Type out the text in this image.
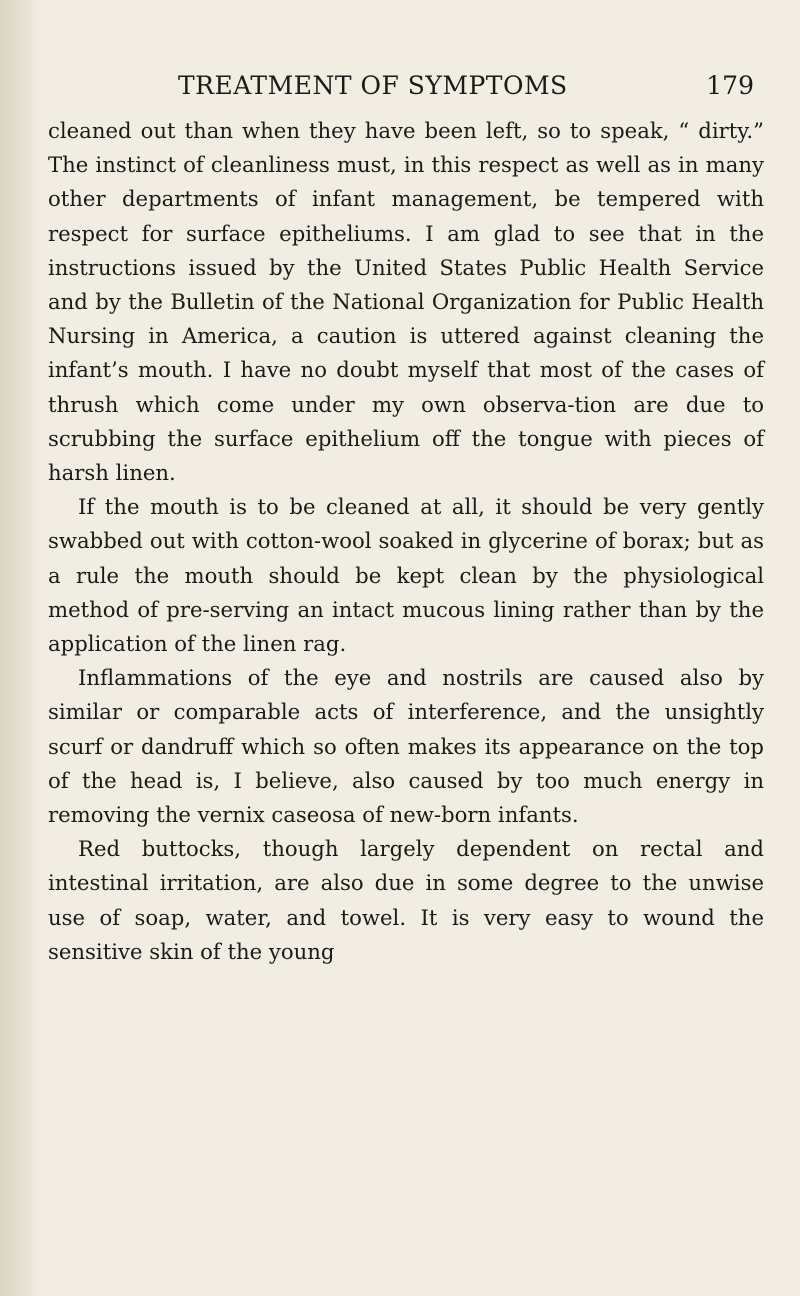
TREATMENT OF SYMPTOMS	179

cleaned out than when they have been left, so to speak, “ dirty.” The instinct of cleanliness must, in this respect as well as in many other departments of infant management, be tempered with respect for surface epitheliums. I am glad to see that in the instructions issued by the United States Public Health Service and by the Bulletin of the National Organization for Public Health Nursing in America, a caution is uttered against cleaning the infant’s mouth. I have no doubt myself that most of the cases of thrush which come under my own observa-tion are due to scrubbing the surface epithelium off the tongue with pieces of harsh linen.

If the mouth is to be cleaned at all, it should be very gently swabbed out with cotton-wool soaked in glycerine of borax; but as a rule the mouth should be kept clean by the physiological method of pre-serving an intact mucous lining rather than by the application of the linen rag.

Inflammations of the eye and nostrils are caused also by similar or comparable acts of interference, and the unsightly scurf or dandruff which so often makes its appearance on the top of the head is, I believe, also caused by too much energy in removing the vernix caseosa of new-born infants.

Red buttocks, though largely dependent on rectal and intestinal irritation, are also due in some degree to the unwise use of soap, water, and towel. It is very easy to wound the sensitive skin of the young
